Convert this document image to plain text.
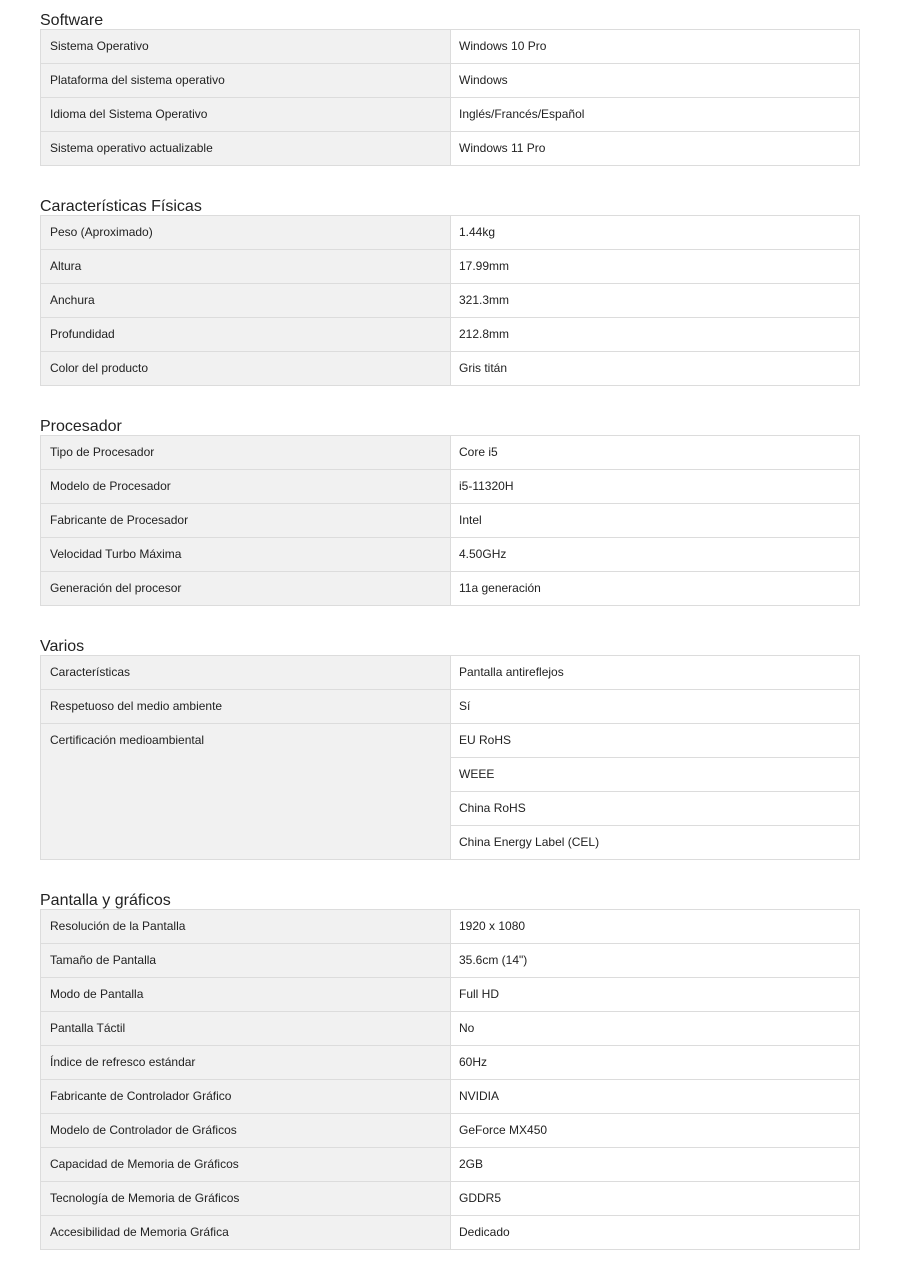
Software
Sistema Operativo	Windows 10 Pro
Plataforma del sistema operativo	Windows
Idioma del Sistema Operativo	Inglés/Francés/Español
Sistema operativo actualizable	Windows 11 Pro
Características Físicas
Peso (Aproximado)	1.44kg
Altura	17.99mm
Anchura	321.3mm
Profundidad	212.8mm
Color del producto	Gris titán
Procesador
Tipo de Procesador	Core i5
Modelo de Procesador	i5-11320H
Fabricante de Procesador	Intel
Velocidad Turbo Máxima	4.50GHz
Generación del procesor	11a generación
Varios
Características	Pantalla antireflejos
Respetuoso del medio ambiente	Sí
Certificación medioambiental	EU RoHS
WEEE
China RoHS
China Energy Label (CEL)
Pantalla y gráficos
Resolución de la Pantalla	1920 x 1080
Tamaño de Pantalla	35.6cm (14")
Modo de Pantalla	Full HD
Pantalla Táctil	No
Índice de refresco estándar	60Hz
Fabricante de Controlador Gráfico	NVIDIA
Modelo de Controlador de Gráficos	GeForce MX450
Capacidad de Memoria de Gráficos	2GB
Tecnología de Memoria de Gráficos	GDDR5
Accesibilidad de Memoria Gráfica	Dedicado
